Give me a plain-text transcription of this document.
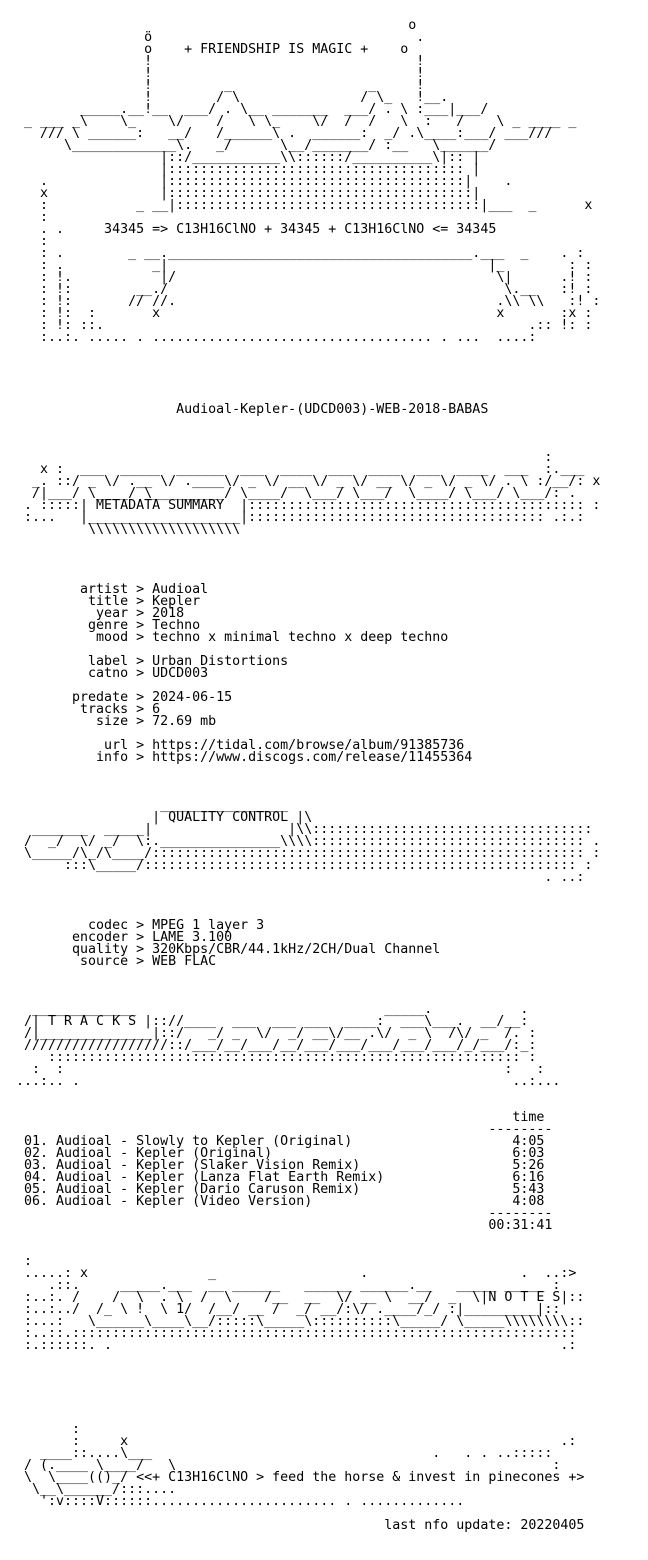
o
ö                                 .
o    + FRIENDSHIP IS MAGIC +    o
!                                 !
!                                 !
!         _                 _     !
!        / \               / \_   !__.
_____.__!__  ___/ . \__ _______  ___/ . \ :___|___/
_ ___ _\    \_    \/    /   \ \_    \/  /  /   \  :   /    \ _ ____ _
/// \ ______:   __/   /______\ .  ______:  _/ .\____:___/ ___///
\_____________\.   _/      \__/_______/ :__   \______/
|::/___________\\::::::/__________\|:: |
|::::::::::::::::::::::::::::::::::::: |
.              |:::::::::::::::::::::::::::::::::::::|    .
x              |::::::::::::::::::::::::::::::::::::::|
:           _ __|::::::::::::::::::::::::::::::::::::::|___  _      x
:
. .     34345 => C13H16ClNO + 34345 + C13H16ClNO <= 34345
:
: .        _ __.______________________________________.___  _    . :
: .           _|                                        |_        : :
: !.           |/                                        \|      .! :
: !:        __./                                          \.__   :! :
: !:       // //.                                        .\\ \\   :! :
: !:  :       x                                          x       :x :
: !: ::.                                                     .:: !: :
:..:. ..... . ................................... . ...  ....:
Audioal-Kepler-(UDCD003)-WEB-2018-BABAS
:
x :  ___  _____  ______  ___  ____  ___  ____  ___  ____  ___  :.___
_. ::/ _ \/ .__ \/ .____\/ _ \/ __ \/ _ \/ __ \/ _ \/ _ \/ . \ :/__/: x
/|___/ \____/ \_________/ \____/  \___/ \___/  \____/ \___/ \___/: .
. :::::| METADATA SUMMARY  |:::::::::::::::::::::::::::::::::::::::::: :
:...   |___________________|::::::::::::::::::::::::::::::::::::: .:.:
\\\\\\\\\\\\\\\\\\\
artist > Audioal
title > Kepler
year > 2018
genre > Techno
mood > techno x minimal techno x deep techno
label > Urban Distortions
catno > UDCD003
predate > 2024-06-15
tracks > 6
size > 72.69 mb
url > https://tidal.com/browse/album/91385736
info > https://www.discogs.com/release/11455364
________________
| QUALITY CONTROL |\
_______  _____|                 |\\:::::::::::::::::::::::::::::::::::
/  _/  \/ _/  \:._______________\\\\:::::::::::::::::::::::::::::::::: .
\_____/\_/\____/:::::::::::::::::::::::::::::::::::::::::::::::::::::: :
:::\_____/:::::::::::::::::::::::::::::::::::::::::::::::::::::: :
. ..:
codec > MPEG 1 layer 3
encoder > LAME 3.100
quality > 320Kbps/CBR/44.1kHz/2CH/Dual Channel
source > WEB FLAC
_____________                               _____.           .
/| T R A C K S |:://____  ___  ___ ___  ____:  ___\___.  __/__:
/|______________|::/   _/ _  \/  _/ __\/__ .\/  _ \  /\/ _  /. :
//////////////////::/___/__/___/__/___/___/___/___/___/_/___/:_:
::::::::::::::::::::::::::::::::::::::::::::::::::::::::::: :
:  :                                                       :   :
...:.. .                                                      ..:...
time
--------
01. Audioal - Slowly to Kepler (Original)                    4:05
02. Audioal - Kepler (Original)                              6:03
03. Audioal - Kepler (Slaker Vision Remix)                   5:26
04. Audioal - Kepler (Lanza Flat Earth Remix)                6:16
05. Audioal - Kepler (Dario Caruson Remix)                   5:43
06. Audioal - Kepler (Video Version)                         4:08
--------
00:31:41
:
.....: x               _                  .                   .  ..:>
.::.     _____.___  __ ______   ______ ______.__   _____ _____ :
:..:. /    /  \  . \  /  \    /__  __  \/ __ \  __/  _  \|N O T E S|::
:..:../  /_ \ !  \ 1/  /__/ __ /  _/ __/:\/ .____/_/ :|_________|::
:...:   \______\____\__/:::::\_____\::::::::::\_____/ \_____\\\\\\\\::
:..::.:::::::::::::::::::::::::::::::::::::::::::::::::::::::::::::::
:.::::::. .                                                        .:
:
:     x                                                      .:
____::....\___                                   .   . . ..:::::
/ (.____ \____/   \                                               :
\  \____(()_/ <<+ C13H16ClNO > feed the horse & invest in pinecones +>
\__\______/:::....
':v::::V::::::....................... . .............
last nfo update: 20220405
